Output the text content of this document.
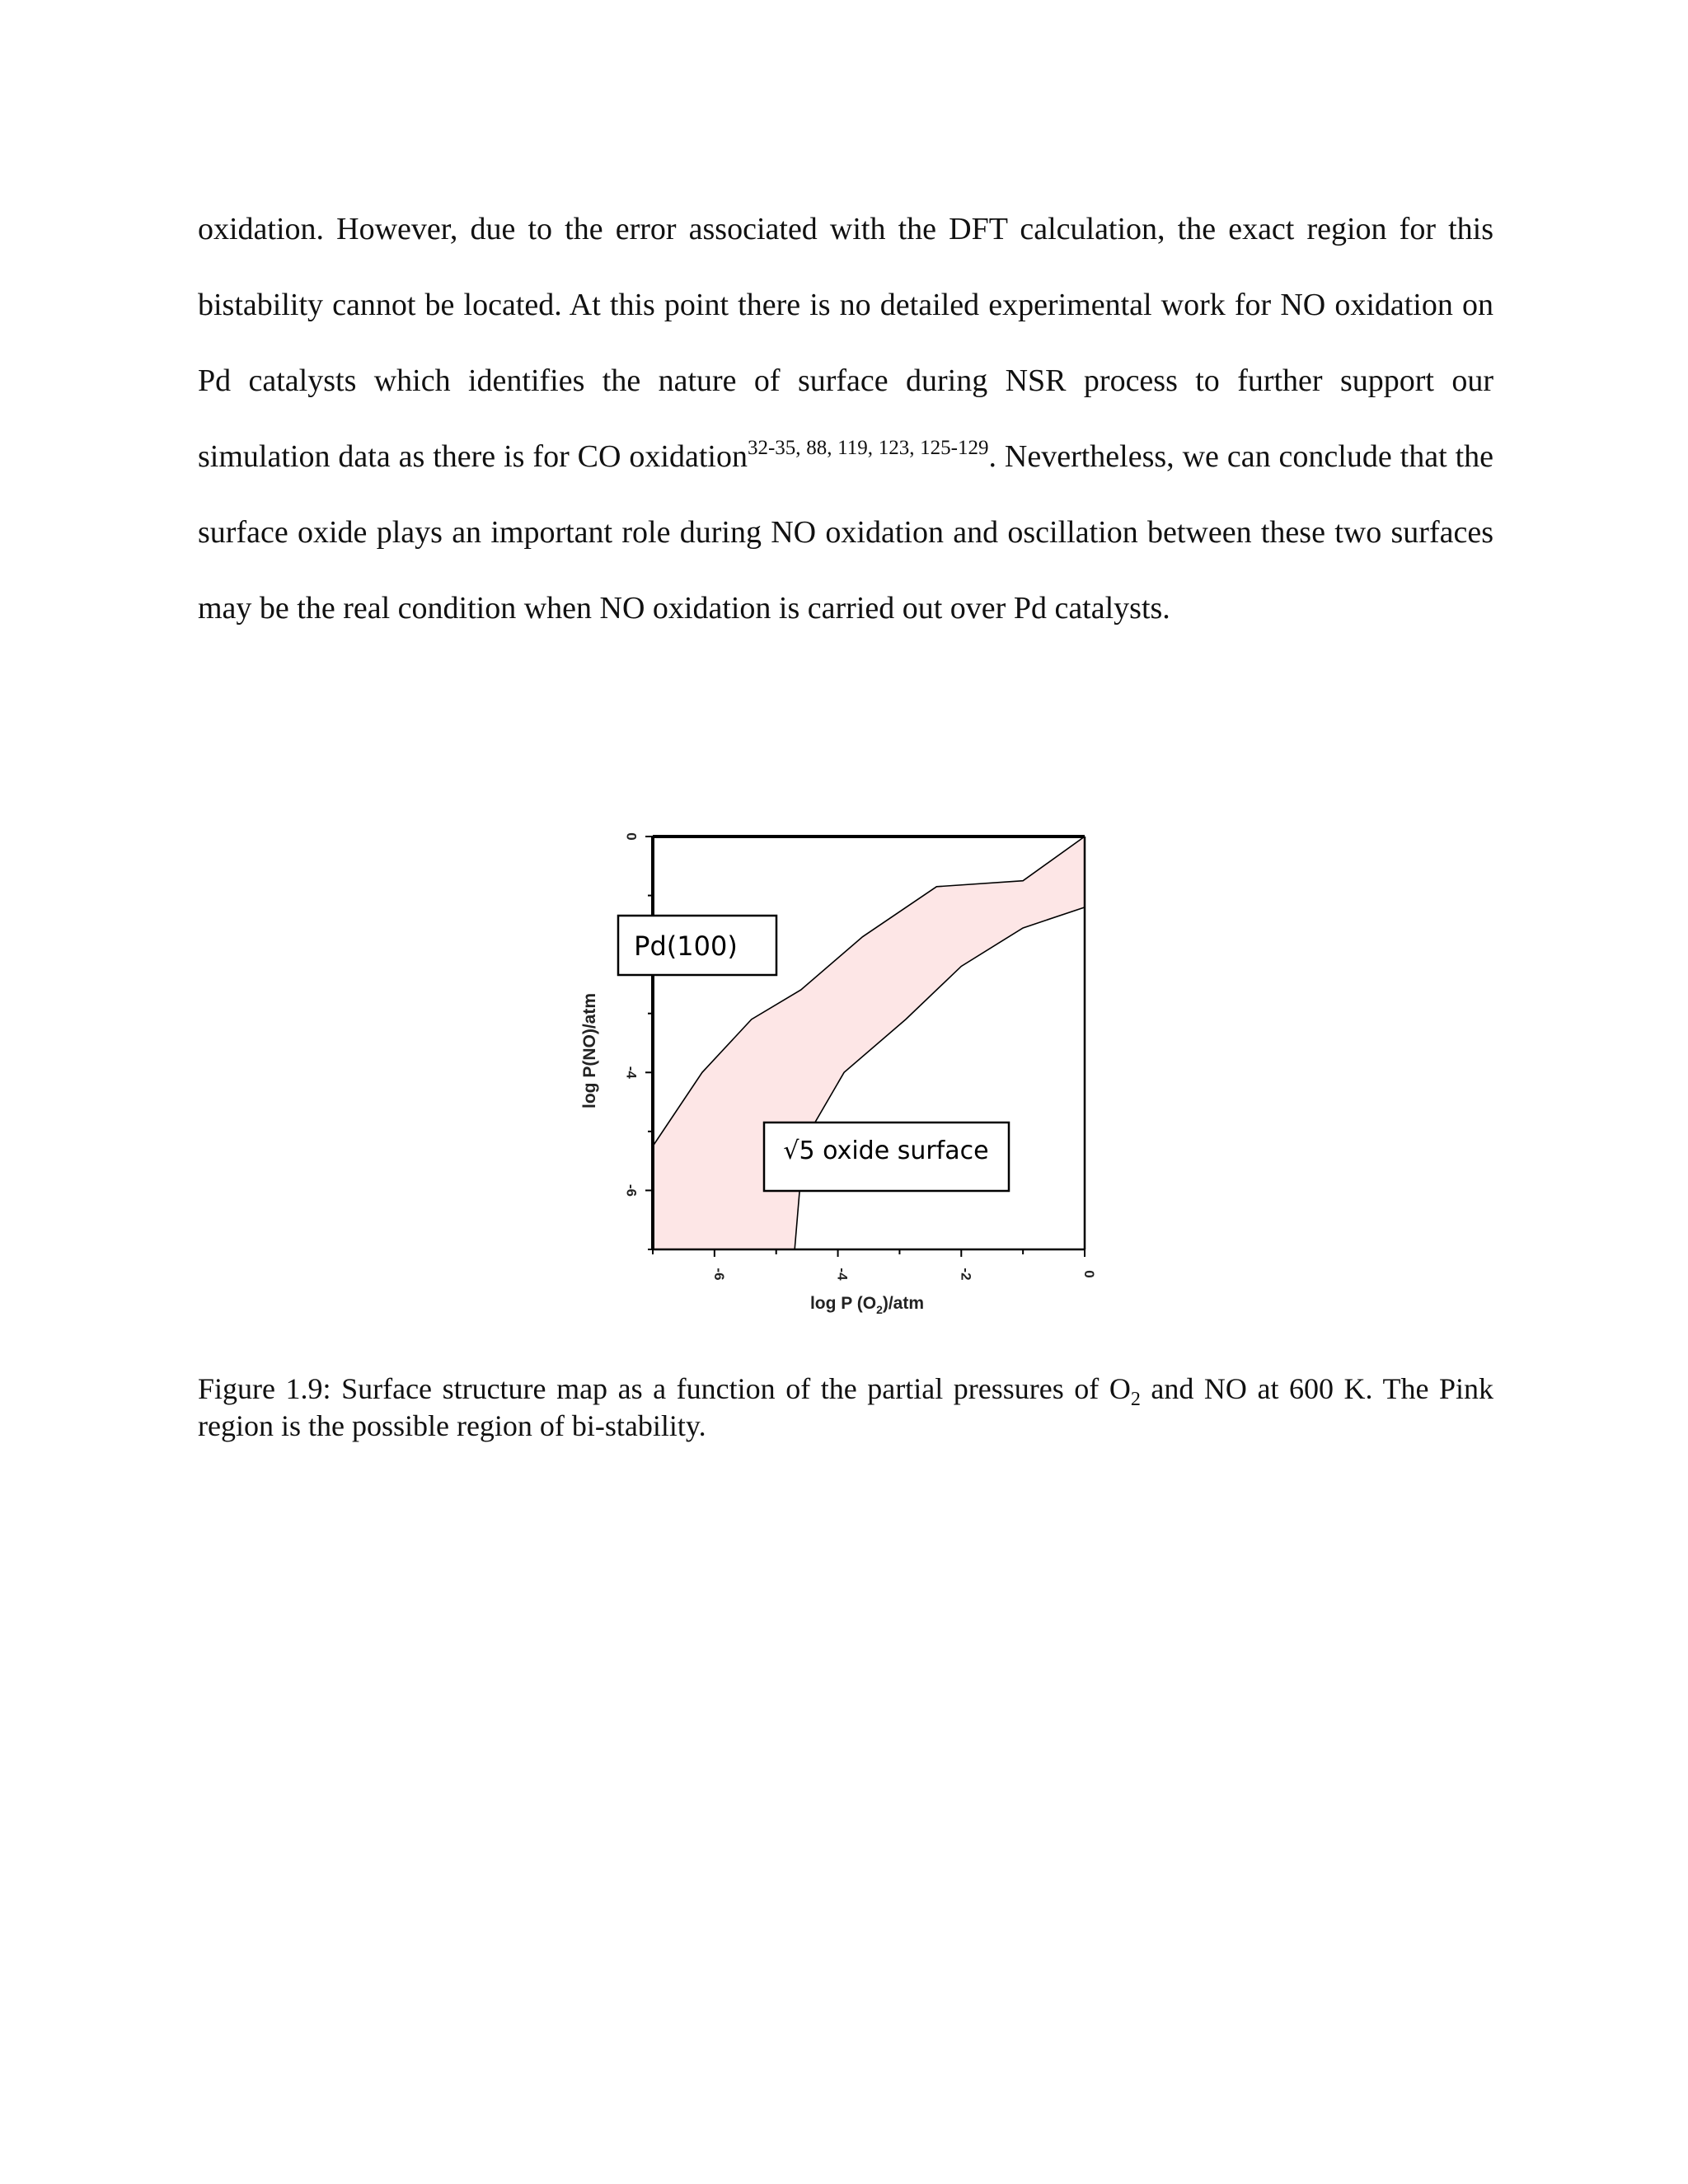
oxidation. However, due to the error associated with the DFT calculation, the exact region for this bistability cannot be located. At this point there is no detailed experimental work for NO oxidation on Pd catalysts which identifies the nature of surface during NSR process to further support our simulation data as there is for CO oxidation$^{32-35, 88, 119, 123, 125-129}$. Nevertheless, we can conclude that the surface oxide plays an important role during NO oxidation and oscillation between these two surfaces may be the real condition when NO oxidation is carried out over Pd catalysts.

-6	-4	-2	0
0
-4
-6
log P(NO)/atm
log P $(O_2)$/atm
Pd(100)
√5 oxide surface

Figure 1.9: Surface structure map as a function of the partial pressures of $O_2$ and NO at 600 K. The Pink region is the possible region of bi-stability.
